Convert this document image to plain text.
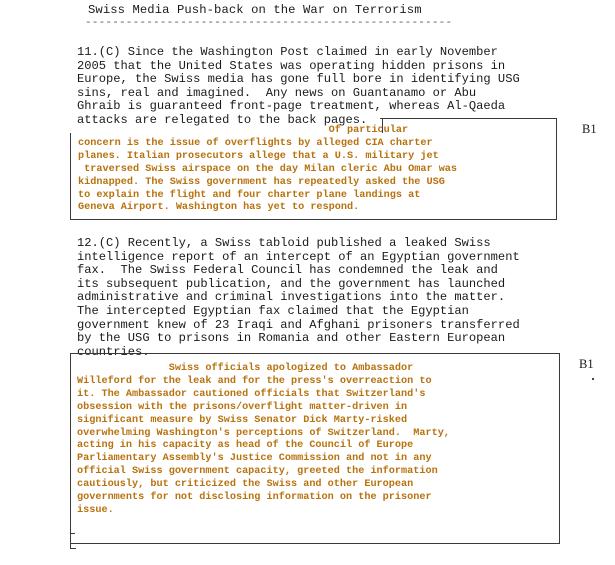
Swiss Media Push-back on the War on Terrorism
------------------------------------------------------
11.(C) Since the Washington Post claimed in early November
2005 that the United States was operating hidden prisons in
Europe, the Swiss media has gone full bore in identifying USG
sins, real and imagined.  Any news on Guantanamo or Abu
Ghraib is guaranteed front-page treatment, whereas Al-Qaeda
attacks are relegated to the back pages.
Of particular
concern is the issue of overflights by alleged CIA charter
planes. Italian prosecutors allege that a U.S. military jet
traversed Swiss airspace on the day Milan cleric Abu Omar was
kidnapped. The Swiss government has repeatedly asked the USG
to explain the flight and four charter plane landings at
Geneva Airport. Washington has yet to respond.
B1
12.(C) Recently, a Swiss tabloid published a leaked Swiss
intelligence report of an intercept of an Egyptian government
fax.  The Swiss Federal Council has condemned the leak and
its subsequent publication, and the government has launched
administrative and criminal investigations into the matter.
The intercepted Egyptian fax claimed that the Egyptian
government knew of 23 Iraqi and Afghani prisoners transferred
by the USG to prisons in Romania and other Eastern European
countries.
Swiss officials apologized to Ambassador
Willeford for the leak and for the press's overreaction to
it. The Ambassador cautioned officials that Switzerland's
obsession with the prisons/overflight matter-driven in
significant measure by Swiss Senator Dick Marty-risked
overwhelming Washington's perceptions of Switzerland.  Marty,
acting in his capacity as head of the Council of Europe
Parliamentary Assembly's Justice Commission and not in any
official Swiss government capacity, greeted the information
cautiously, but criticized the Swiss and other European
governments for not disclosing information on the prisoner
issue.
B1
